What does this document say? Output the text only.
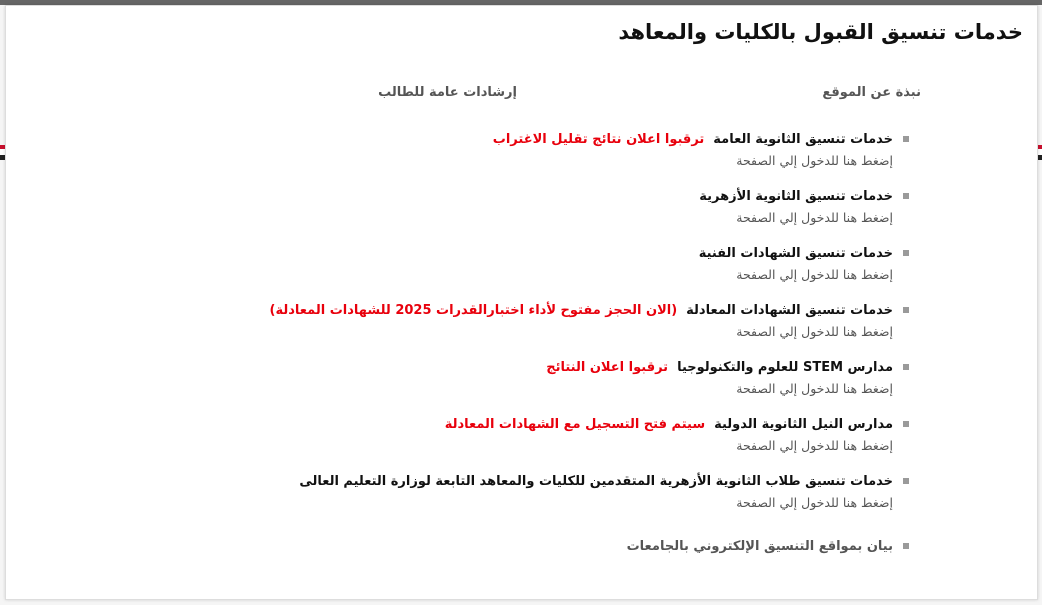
خدمات تنسيق القبول بالكليات والمعاهد
نبذة عن الموقع
إرشادات عامة للطالب
خدمات تنسيق الثانوية العامة
ترقبوا اعلان نتائج تقليل الاغتراب
إضغط هنا للدخول إلي الصفحة
خدمات تنسيق الثانوية الأزهرية
إضغط هنا للدخول إلي الصفحة
خدمات تنسيق الشهادات الفنية
إضغط هنا للدخول إلي الصفحة
خدمات تنسيق الشهادات المعادلة
(الان الحجز مفتوح لأداء اختبارالقدرات 2025 للشهادات المعادلة)
إضغط هنا للدخول إلي الصفحة
مدارس STEM للعلوم والتكنولوجيا
ترقبوا اعلان النتائج
إضغط هنا للدخول إلي الصفحة
مدارس النيل الثانوية الدولية
سيتم فتح التسجيل مع الشهادات المعادلة
إضغط هنا للدخول إلي الصفحة
خدمات تنسيق طلاب الثانوية الأزهرية المتقدمين للكليات والمعاهد التابعة لوزارة التعليم العالى
إضغط هنا للدخول إلي الصفحة
بيان بمواقع التنسيق الإلكتروني بالجامعات
